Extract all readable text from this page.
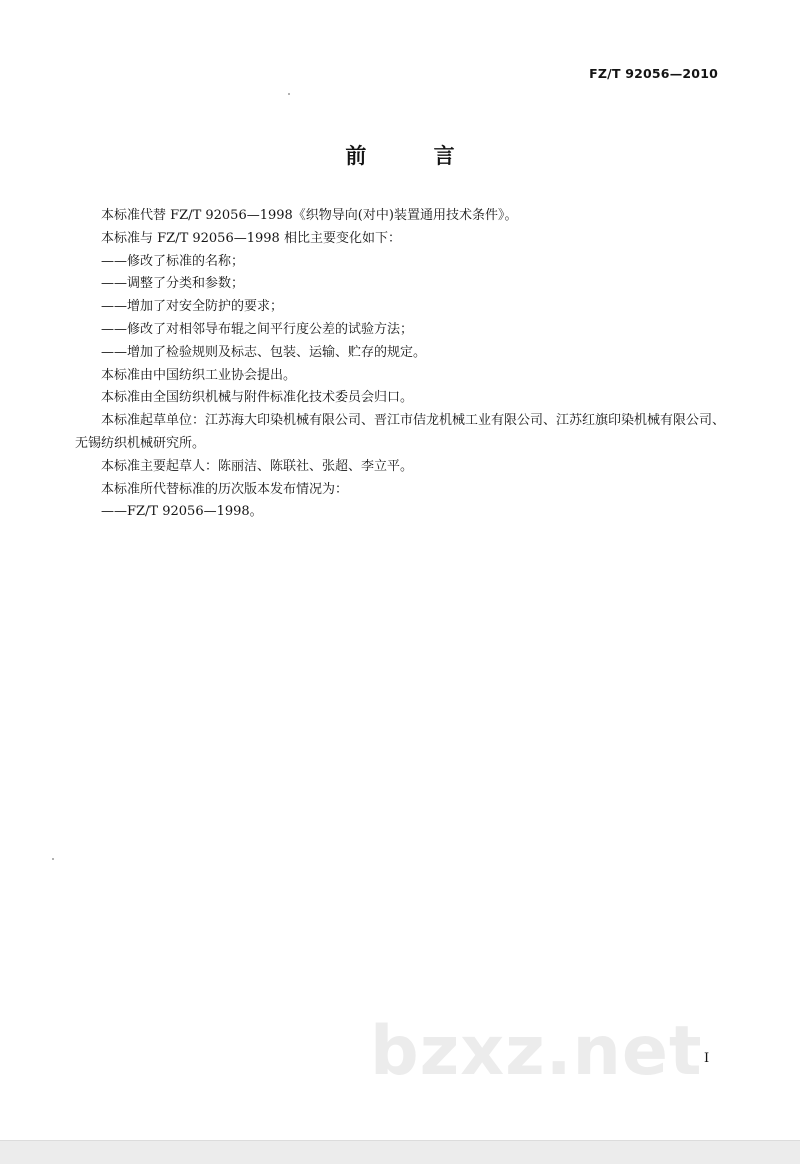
FZ/T 92056—2010
前 言

本标准代替 FZ/T 92056—1998《织物导向(对中)装置通用技术条件》。

本标准与 FZ/T 92056—1998 相比主要变化如下：

——修改了标准的名称；

——调整了分类和参数；

——增加了对安全防护的要求；

——修改了对相邻导布辊之间平行度公差的试验方法；

——增加了检验规则及标志、包装、运输、贮存的规定。

本标准由中国纺织工业协会提出。

本标准由全国纺织机械与附件标准化技术委员会归口。

本标准起草单位：江苏海大印染机械有限公司、晋江市佶龙机械工业有限公司、江苏红旗印染机械有限公司、无锡纺织机械研究所。

本标准主要起草人：陈丽洁、陈联社、张超、李立平。

本标准所代替标准的历次版本发布情况为：

——FZ/T 92056—1998。

bzxz.net I
